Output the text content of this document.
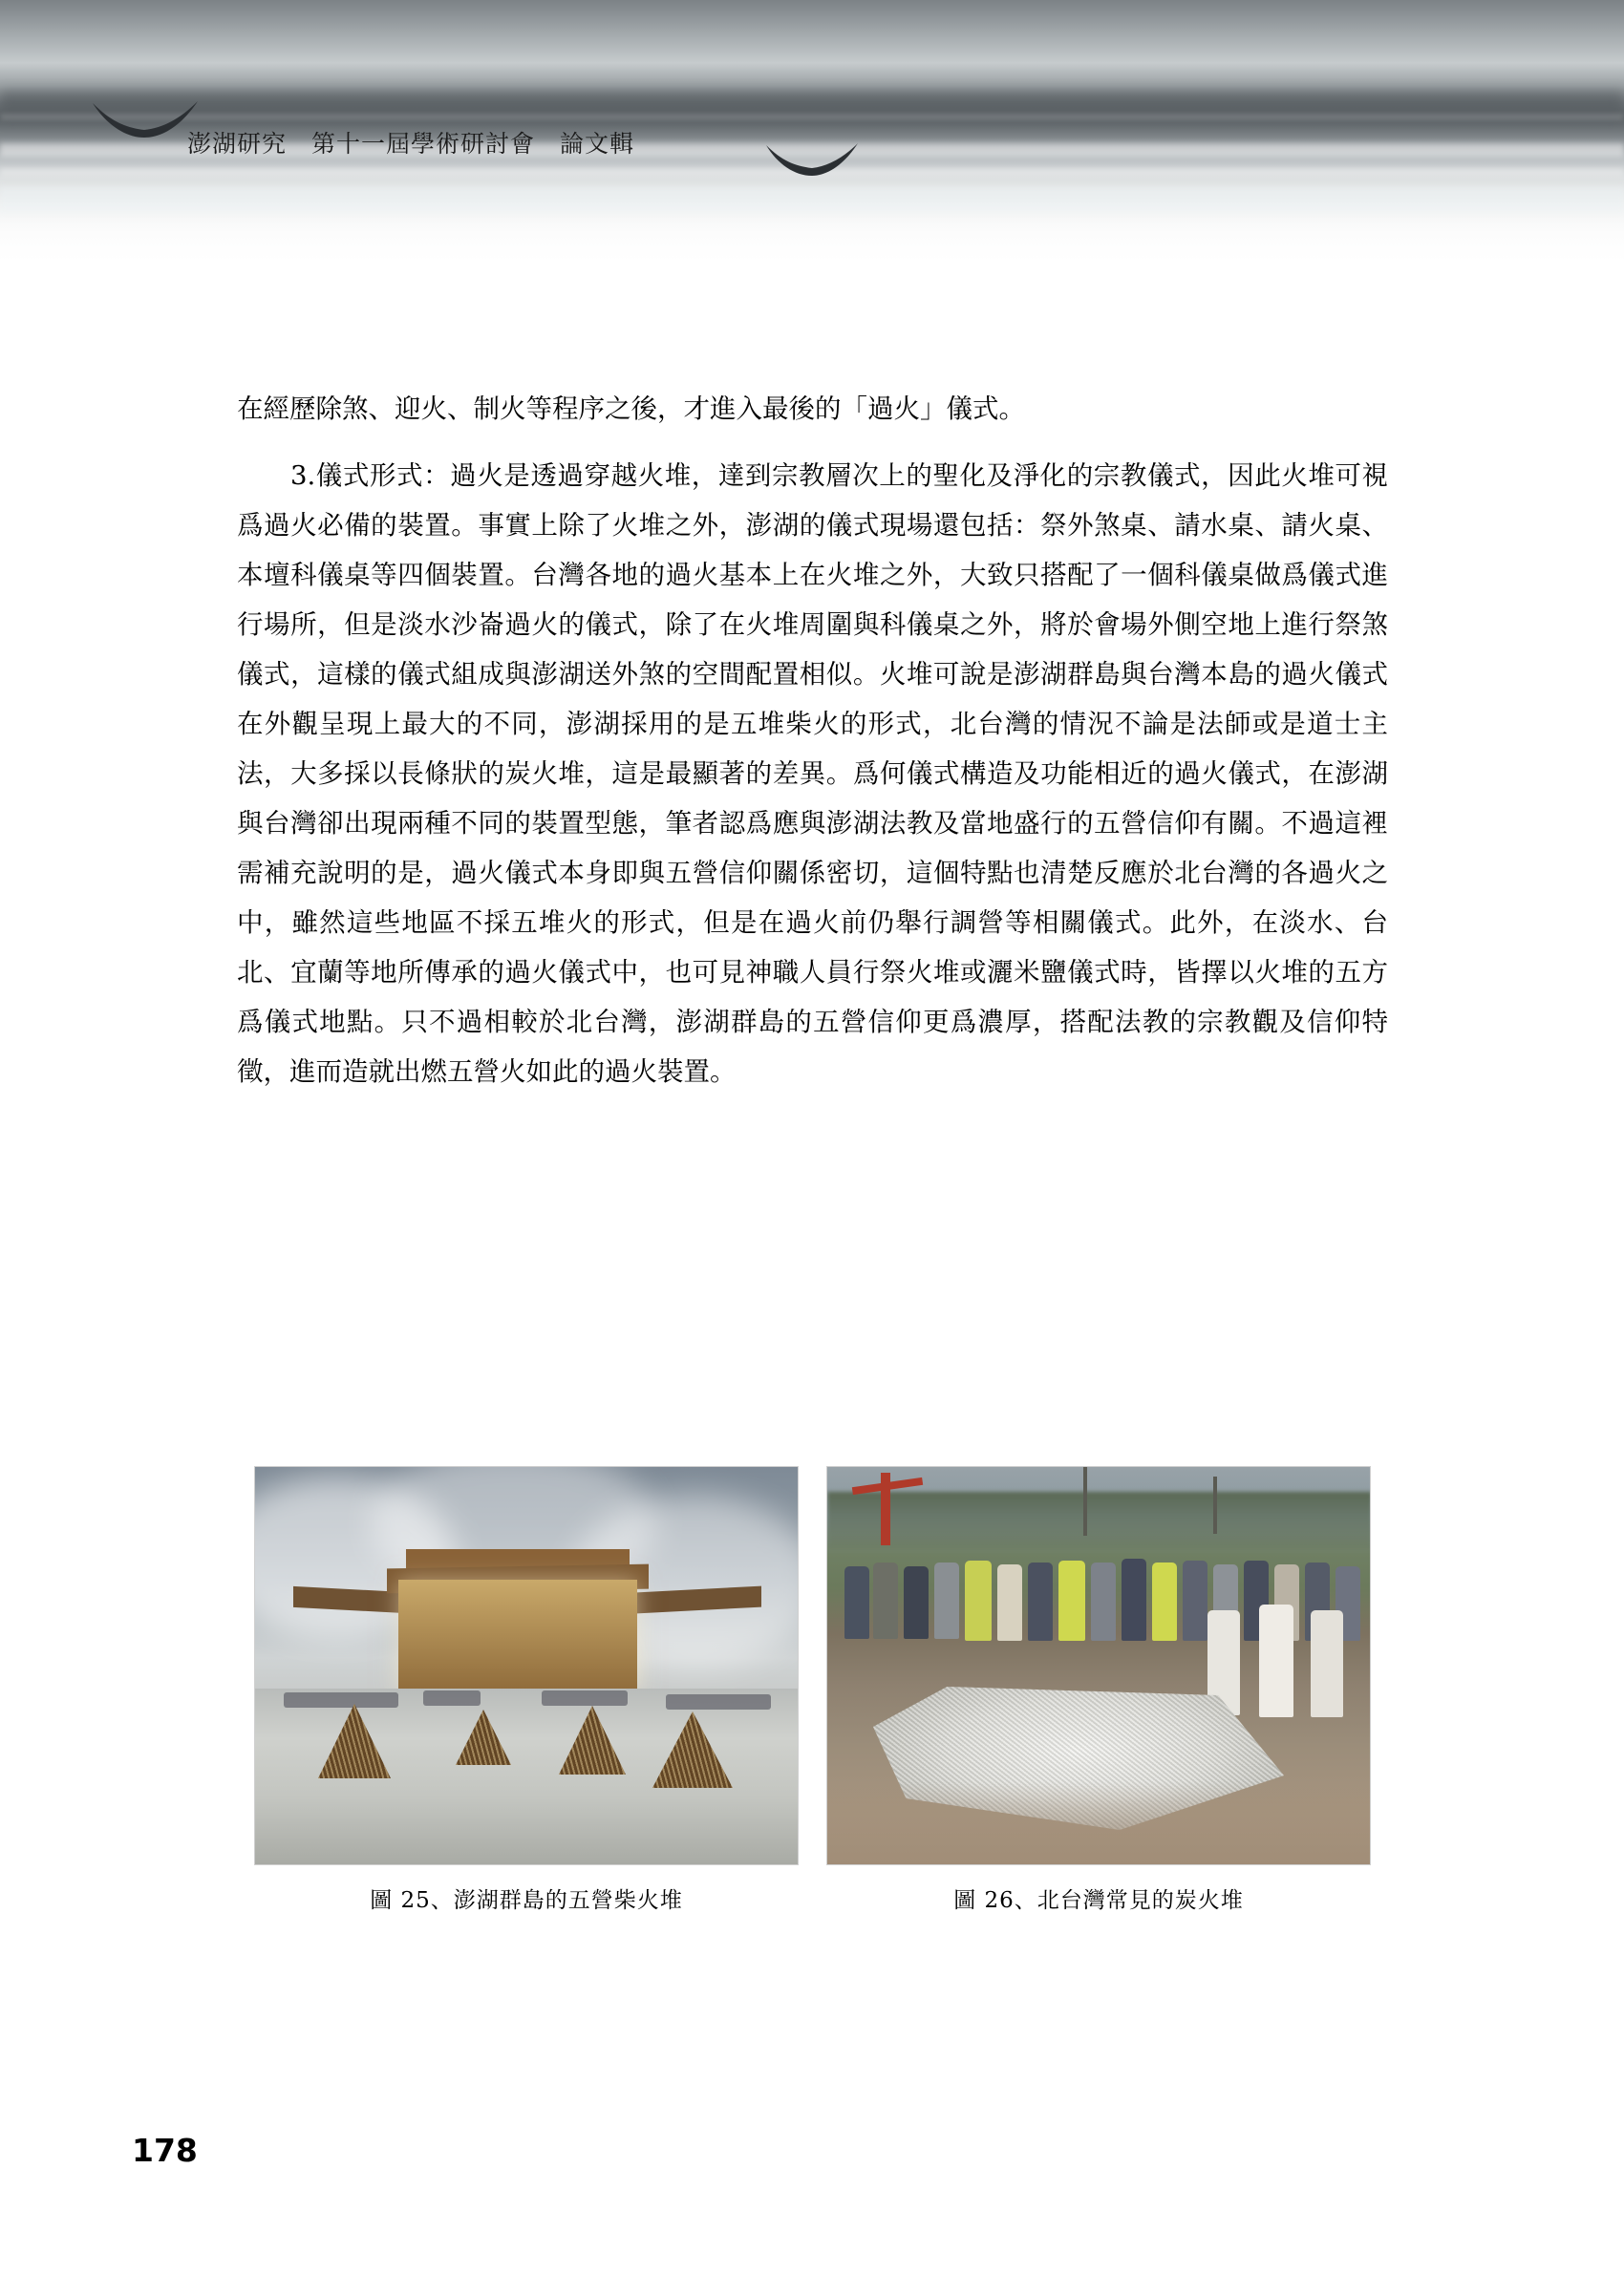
澎湖研究　第十一屆學術研討會　論文輯

在經歷除煞、迎火、制火等程序之後，才進入最後的「過火」儀式。

3.儀式形式：過火是透過穿越火堆，達到宗教層次上的聖化及淨化的宗教儀式，因此火堆可視爲過火必備的裝置。事實上除了火堆之外，澎湖的儀式現場還包括：祭外煞桌、請水桌、請火桌、本壇科儀桌等四個裝置。台灣各地的過火基本上在火堆之外，大致只搭配了一個科儀桌做爲儀式進行場所，但是淡水沙崙過火的儀式，除了在火堆周圍與科儀桌之外，將於會場外側空地上進行祭煞儀式，這樣的儀式組成與澎湖送外煞的空間配置相似。火堆可說是澎湖群島與台灣本島的過火儀式在外觀呈現上最大的不同，澎湖採用的是五堆柴火的形式，北台灣的情況不論是法師或是道士主法，大多採以長條狀的炭火堆，這是最顯著的差異。爲何儀式構造及功能相近的過火儀式，在澎湖與台灣卻出現兩種不同的裝置型態，筆者認爲應與澎湖法教及當地盛行的五營信仰有關。不過這裡需補充說明的是，過火儀式本身即與五營信仰關係密切，這個特點也清楚反應於北台灣的各過火之中，雖然這些地區不採五堆火的形式，但是在過火前仍舉行調營等相關儀式。此外，在淡水、台北、宜蘭等地所傳承的過火儀式中，也可見神職人員行祭火堆或灑米鹽儀式時，皆擇以火堆的五方爲儀式地點。只不過相較於北台灣，澎湖群島的五營信仰更爲濃厚，搭配法教的宗教觀及信仰特徵，進而造就出燃五營火如此的過火裝置。

圖 25、澎湖群島的五營柴火堆	圖 26、北台灣常見的炭火堆
178
